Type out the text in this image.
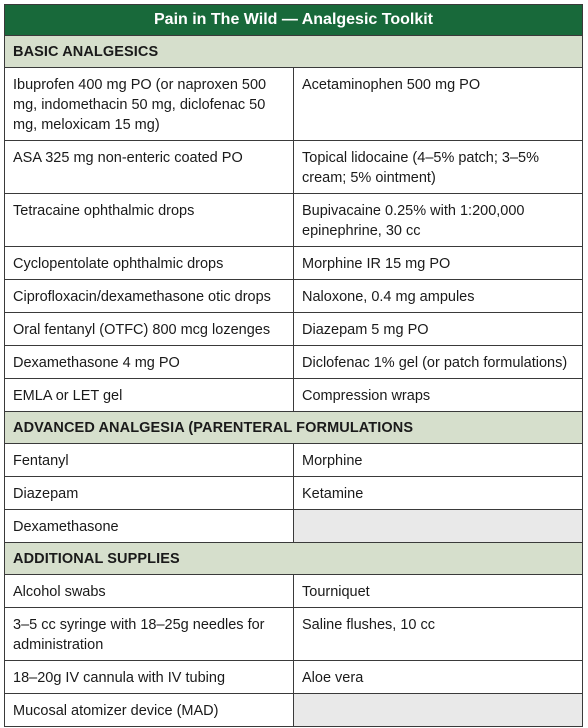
Pain in The Wild — Analgesic Toolkit	
BASIC ANALGESICS	
Ibuprofen 400 mg PO (or naproxen 500 mg, indomethacin 50 mg, diclofenac 50 mg, meloxicam 15 mg)	Acetaminophen 500 mg PO
ASA 325 mg non-enteric coated PO	Topical lidocaine (4–5% patch; 3–5% cream; 5% ointment)
Tetracaine ophthalmic drops	Bupivacaine 0.25% with 1:200,000 epinephrine, 30 cc
Cyclopentolate ophthalmic drops	Morphine IR 15 mg PO
Ciprofloxacin/dexamethasone otic drops	Naloxone, 0.4 mg ampules
Oral fentanyl (OTFC) 800 mcg lozenges	Diazepam 5 mg PO
Dexamethasone 4 mg PO	Diclofenac 1% gel (or patch formulations)
EMLA or LET gel	Compression wraps
ADVANCED ANALGESIA (PARENTERAL FORMULATIONS	
Fentanyl	Morphine
Diazepam	Ketamine
Dexamethasone	
ADDITIONAL SUPPLIES	
Alcohol swabs	Tourniquet
3–5 cc syringe with 18–25g needles for administration	Saline flushes, 10 cc
18–20g IV cannula with IV tubing	Aloe vera
Mucosal atomizer device (MAD)	
